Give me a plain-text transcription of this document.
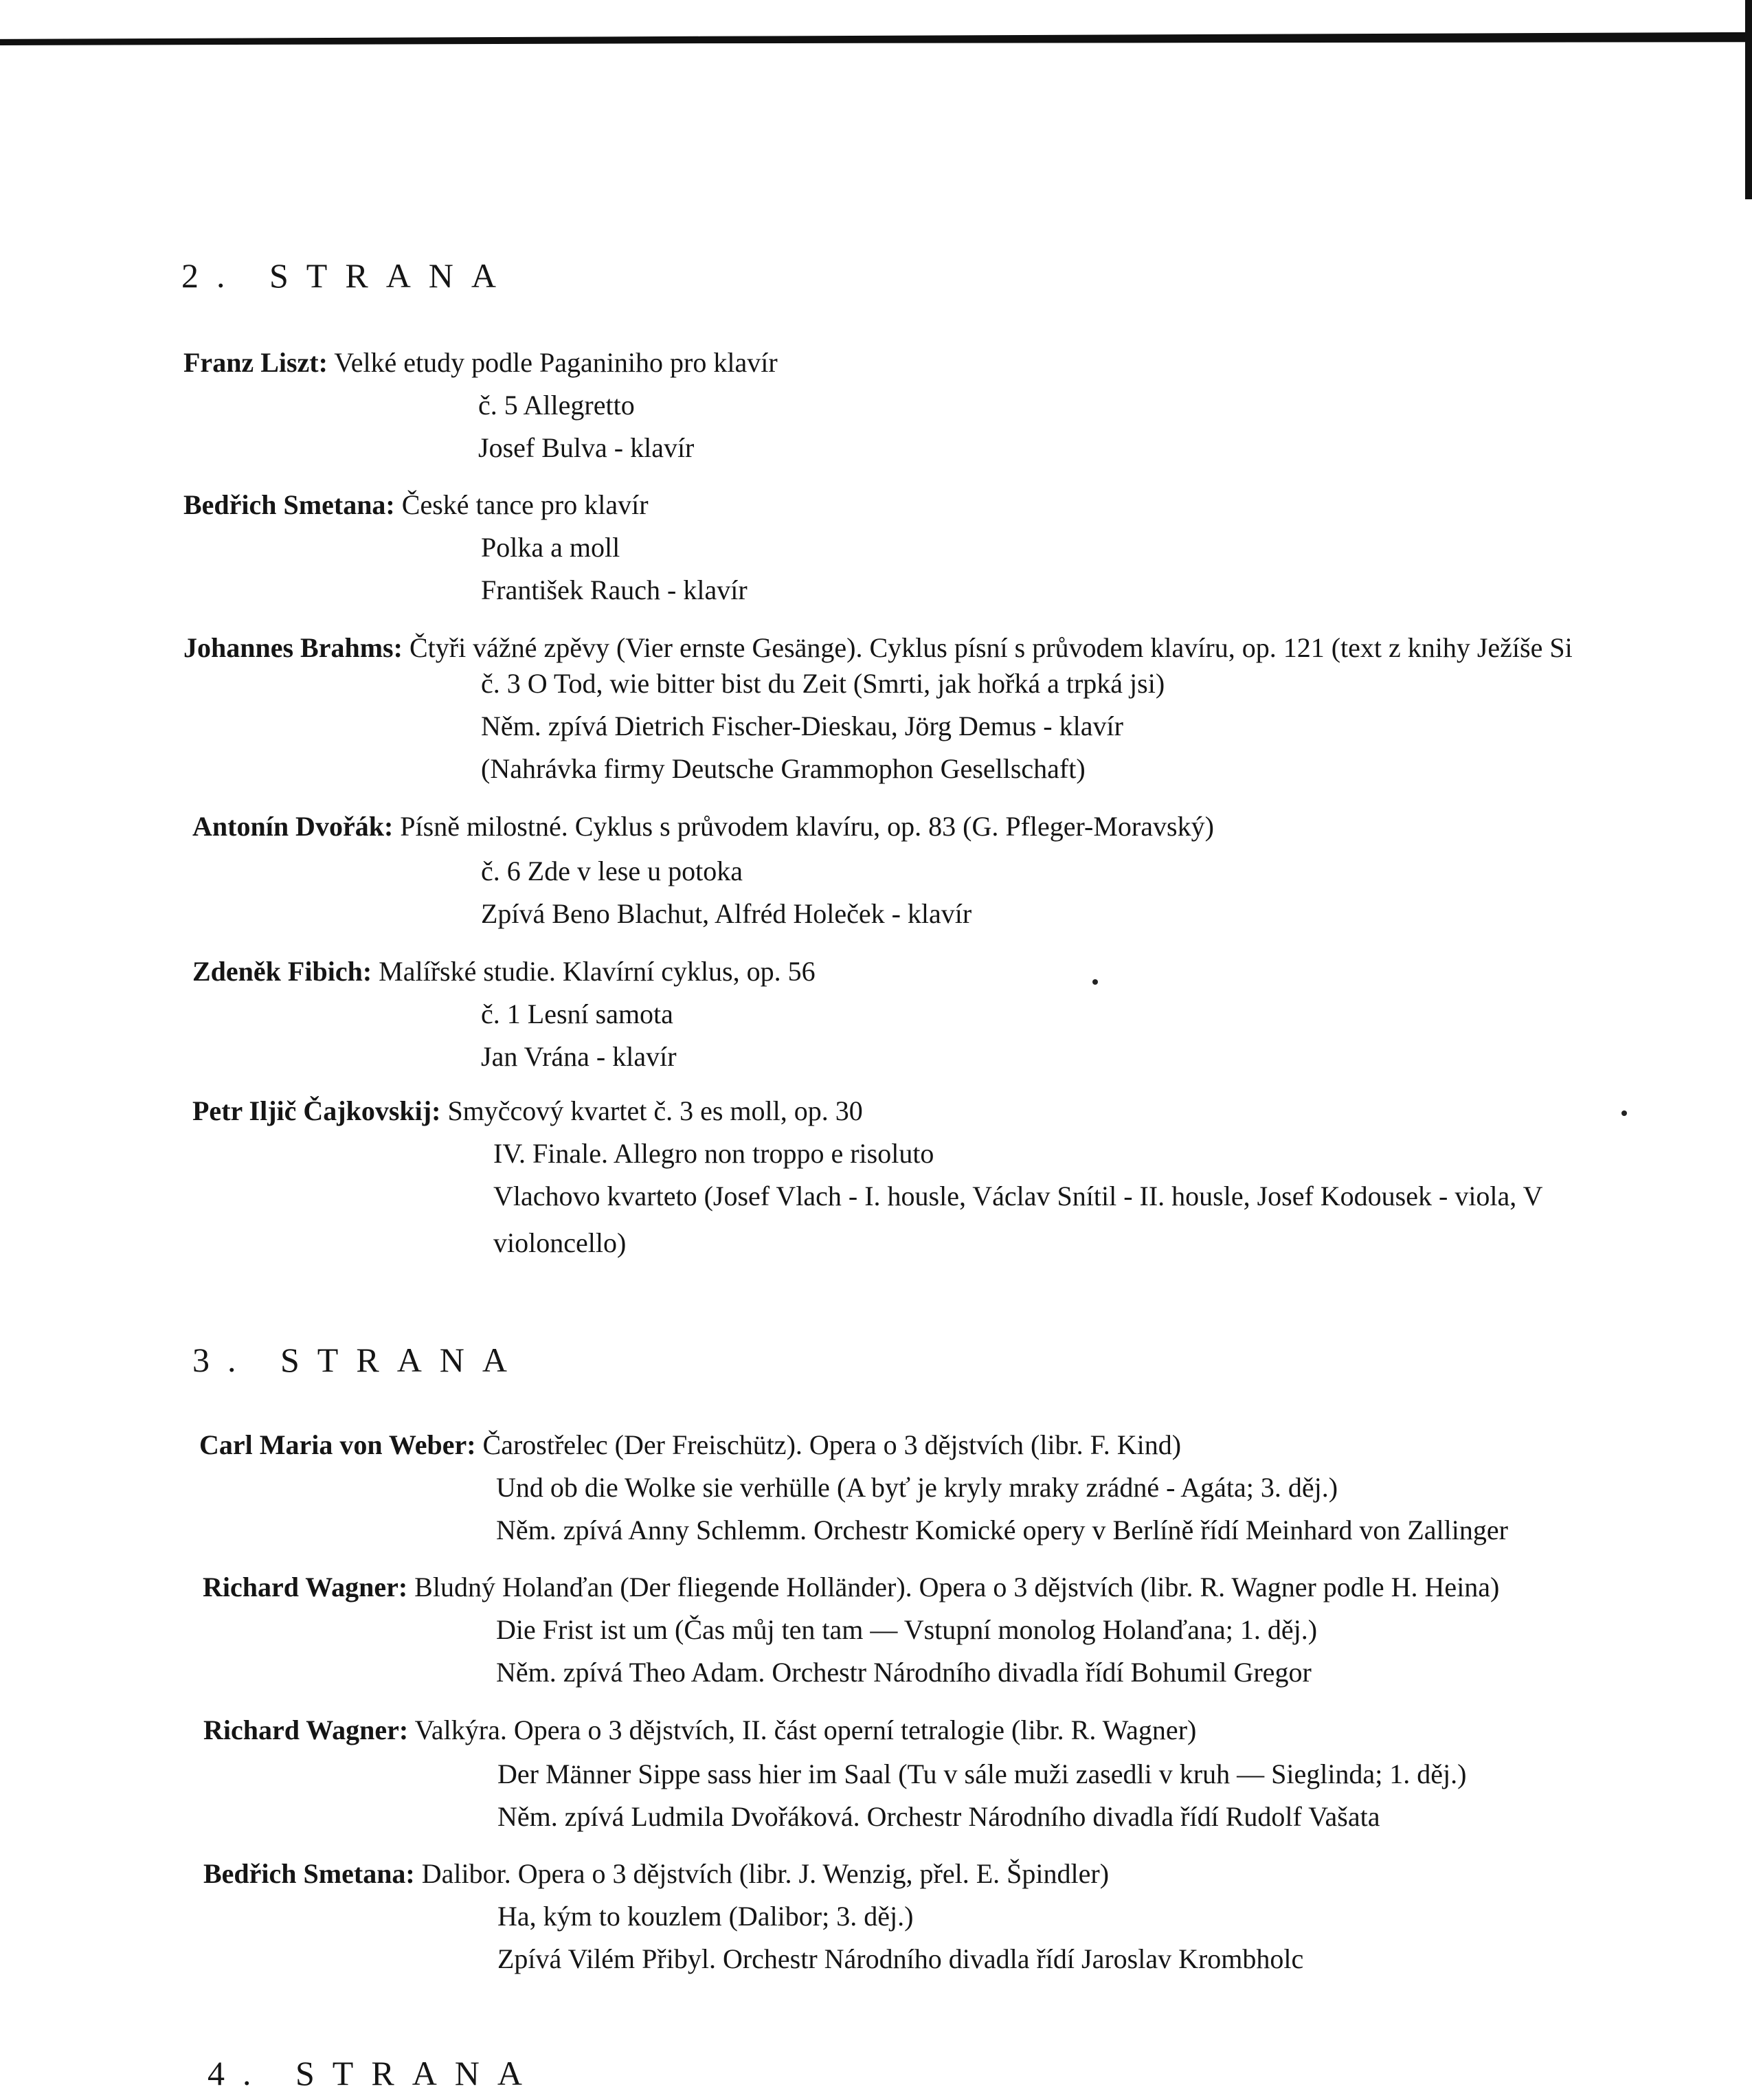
2. STRANA
Franz Liszt: Velké etudy podle Paganiniho pro klavír
č. 5 Allegretto
Josef Bulva - klavír
Bedřich Smetana: České tance pro klavír
Polka a moll
František Rauch - klavír
Johannes Brahms: Čtyři vážné zpěvy (Vier ernste Gesänge). Cyklus písní s průvodem klavíru, op. 121 (text z knihy Ježíše Si
č. 3 O Tod, wie bitter bist du Zeit (Smrti, jak hořká a trpká jsi)
Něm. zpívá Dietrich Fischer-Dieskau, Jörg Demus - klavír
(Nahrávka firmy Deutsche Grammophon Gesellschaft)
Antonín Dvořák: Písně milostné. Cyklus s průvodem klavíru, op. 83 (G. Pfleger-Moravský)
č. 6 Zde v lese u potoka
Zpívá Beno Blachut, Alfréd Holeček - klavír
Zdeněk Fibich: Malířské studie. Klavírní cyklus, op. 56
č. 1 Lesní samota
Jan Vrána - klavír
Petr Iljič Čajkovskij: Smyčcový kvartet č. 3 es moll, op. 30
IV. Finale. Allegro non troppo e risoluto
Vlachovo kvarteto (Josef Vlach - I. housle, Václav Snítil - II. housle, Josef Kodousek - viola, V
violoncello)
3. STRANA
Carl Maria von Weber: Čarostřelec (Der Freischütz). Opera o 3 dějstvích (libr. F. Kind)
Und ob die Wolke sie verhülle (A byť je kryly mraky zrádné - Agáta; 3. děj.)
Něm. zpívá Anny Schlemm. Orchestr Komické opery v Berlíně řídí Meinhard von Zallinger
Richard Wagner: Bludný Holanďan (Der fliegende Holländer). Opera o 3 dějstvích (libr. R. Wagner podle H. Heina)
Die Frist ist um (Čas můj ten tam — Vstupní monolog Holanďana; 1. děj.)
Něm. zpívá Theo Adam. Orchestr Národního divadla řídí Bohumil Gregor
Richard Wagner: Valkýra. Opera o 3 dějstvích, II. část operní tetralogie (libr. R. Wagner)
Der Männer Sippe sass hier im Saal (Tu v sále muži zasedli v kruh — Sieglinda; 1. děj.)
Něm. zpívá Ludmila Dvořáková. Orchestr Národního divadla řídí Rudolf Vašata
Bedřich Smetana: Dalibor. Opera o 3 dějstvích (libr. J. Wenzig, přel. E. Špindler)
Ha, kým to kouzlem (Dalibor; 3. děj.)
Zpívá Vilém Přibyl. Orchestr Národního divadla řídí Jaroslav Krombholc
4. STRANA
